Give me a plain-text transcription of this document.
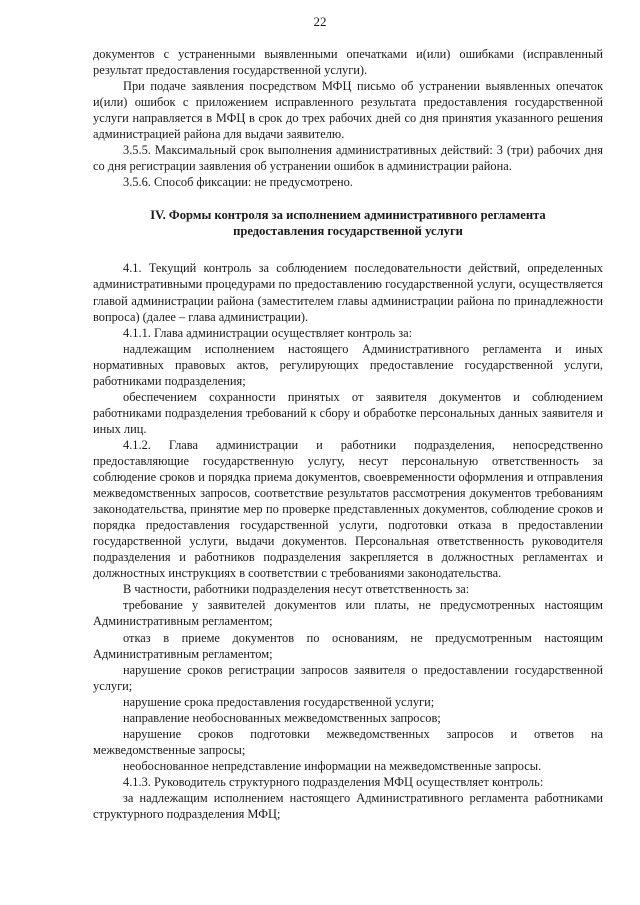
22

документов с устраненными выявленными опечатками и(или) ошибками (исправленный результат предоставления государственной услуги).

При подаче заявления посредством МФЦ письмо об устранении выявленных опечаток и(или) ошибок с приложением исправленного результата предоставления государственной услуги направляется в МФЦ в срок до трех рабочих дней со дня принятия указанного решения администрацией района для выдачи заявителю.

3.5.5. Максимальный срок выполнения административных действий: 3 (три) рабочих дня со дня регистрации заявления об устранении ошибок в администрации района.

3.5.6. Способ фиксации: не предусмотрено.

IV. Формы контроля за исполнением административного регламента
предоставления государственной услуги

4.1. Текущий контроль за соблюдением последовательности действий, определенных административными процедурами по предоставлению государственной услуги, осуществляется главой администрации района (заместителем главы администрации района по принадлежности вопроса) (далее – глава администрации).

4.1.1. Глава администрации осуществляет контроль за:

надлежащим исполнением настоящего Административного регламента и иных нормативных правовых актов, регулирующих предоставление государственной услуги, работниками подразделения;

обеспечением сохранности принятых от заявителя документов и соблюдением работниками подразделения требований к сбору и обработке персональных данных заявителя и иных лиц.

4.1.2. Глава администрации и работники подразделения, непосредственно предоставляющие государственную услугу, несут персональную ответственность за соблюдение сроков и порядка приема документов, своевременности оформления и отправления межведомственных запросов, соответствие результатов рассмотрения документов требованиям законодательства, принятие мер по проверке представленных документов, соблюдение сроков и порядка предоставления государственной услуги, подготовки отказа в предоставлении государственной услуги, выдачи документов. Персональная ответственность руководителя подразделения и работников подразделения закрепляется в должностных регламентах и должностных инструкциях в соответствии с требованиями законодательства.

В частности, работники подразделения несут ответственность за:

требование у заявителей документов или платы, не предусмотренных настоящим Административным регламентом;

отказ в приеме документов по основаниям, не предусмотренным настоящим Административным регламентом;

нарушение сроков регистрации запросов заявителя о предоставлении государственной услуги;

нарушение срока предоставления государственной услуги;

направление необоснованных межведомственных запросов;

нарушение сроков подготовки межведомственных запросов и ответов на межведомственные запросы;

необоснованное непредставление информации на межведомственные запросы.

4.1.3. Руководитель структурного подразделения МФЦ осуществляет контроль:

за надлежащим исполнением настоящего Административного регламента работниками структурного подразделения МФЦ;
